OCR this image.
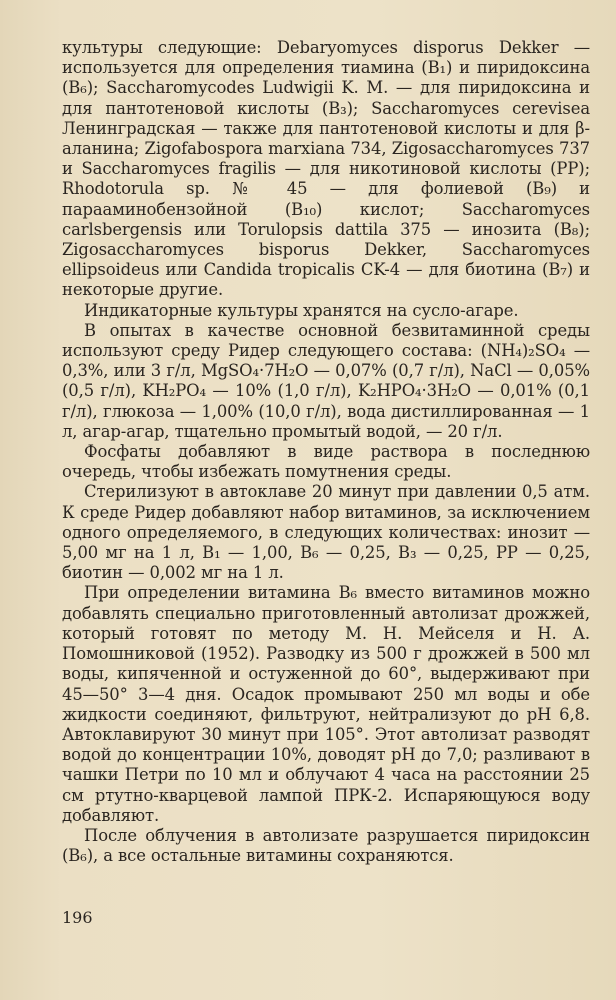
культуры следующие: Debaryomyces disporus Dekker — используется для определения тиамина (B₁) и пиридоксина (B₆); Saccharomycodes Ludwigii K. M. — для пиридоксина и для пантотеновой кислоты (B₃); Saccharomyces cerevisea Ленинградская — также для пантотеновой кислоты и для β-аланина; Zigofabospora marxiana 734, Zigosaccharomyces 737 и Saccharomyces fragilis — для никотиновой кислоты (PP); Rhodotorula sp. № 45 — для фолиевой (B₉) и парааминобензойной (B₁₀) кислот; Saccharomyces carlsbergensis или Torulopsis dattila 375 — инозита (B₈); Zigosaccharomyces bisporus Dekker, Saccharomyces ellipsoideus или Candida tropicalis CK-4 — для биотина (B₇) и некоторые другие.

Индикаторные культуры хранятся на сусло-агаре.

В опытах в качестве основной безвитаминной среды используют среду Ридер следующего состава: (NH₄)₂SO₄ — 0,3%, или 3 г/л, MgSO₄·7H₂O — 0,07% (0,7 г/л), NaCl — 0,05% (0,5 г/л), KH₂PO₄ — 10% (1,0 г/л), K₂HPO₄·3H₂O — 0,01% (0,1 г/л), глюкоза — 1,00% (10,0 г/л), вода дистиллированная — 1 л, агар-агар, тщательно промытый водой, — 20 г/л.

Фосфаты добавляют в виде раствора в последнюю очередь, чтобы избежать помутнения среды.

Стерилизуют в автоклаве 20 минут при давлении 0,5 атм. К среде Ридер добавляют набор витаминов, за исключением одного определяемого, в следующих количествах: инозит — 5,00 мг на 1 л, B₁ — 1,00, B₆ — 0,25, B₃ — 0,25, PP — 0,25, биотин — 0,002 мг на 1 л.

При определении витамина B₆ вместо витаминов можно добавлять специально приготовленный автолизат дрожжей, который готовят по методу М. Н. Мейселя и Н. А. Помошниковой (1952). Разводку из 500 г дрожжей в 500 мл воды, кипяченной и остуженной до 60°, выдерживают при 45—50° 3—4 дня. Осадок промывают 250 мл воды и обе жидкости соединяют, фильтруют, нейтрализуют до pH 6,8. Автоклавируют 30 минут при 105°. Этот автолизат разводят водой до концентрации 10%, доводят pH до 7,0; разливают в чашки Петри по 10 мл и облучают 4 часа на расстоянии 25 см ртутно-кварцевой лампой ПРК-2. Испаряющуюся воду добавляют.

После облучения в автолизате разрушается пиридоксин (B₆), а все остальные витамины сохраняются.

196
